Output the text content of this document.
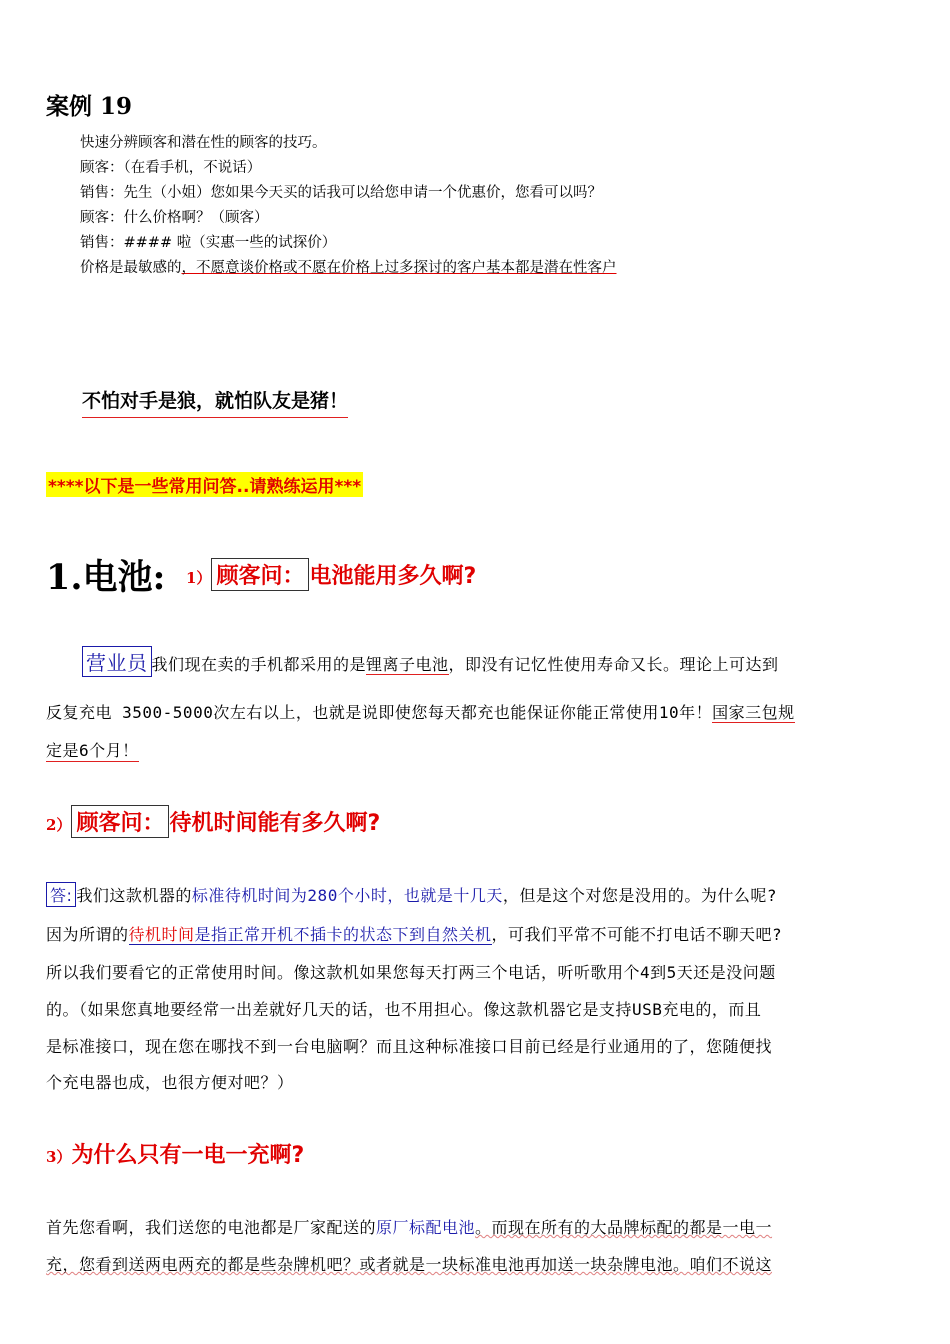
案例 19
快速分辨顾客和潜在性的顾客的技巧。
顾客：（在看手机，不说话）
销售：先生（小姐）您如果今天买的话我可以给您申请一个优惠价，您看可以吗？
顾客：什么价格啊？（顾客）
销售：#### 啦（实惠一些的试探价）
价格是最敏感的，不愿意谈价格或不愿在价格上过多探讨的客户基本都是潜在性客户
不怕对手是狼，就怕队友是猪！
****以下是一些常用问答..请熟练运用***
1.电池: 1） 顾客问： 电池能用多久啊?
营业员 我们现在卖的手机都采用的是锂离子电池，即没有记忆性使用寿命又长。理论上可达到
反复充电 3500-5000次左右以上，也就是说即使您每天都充也能保证你能正常使用10年！国家三包规
定是6个月！
2） 顾客问： 待机时间能有多久啊?
答: 我们这款机器的标准待机时间为280个小时，也就是十几天，但是这个对您是没用的。为什么呢?
因为所谓的待机时间是指正常开机不插卡的状态下到自然关机，可我们平常不可能不打电话不聊天吧?
所以我们要看它的正常使用时间。像这款机如果您每天打两三个电话，听听歌用个4到5天还是没问题
的。（如果您真地要经常一出差就好几天的话，也不用担心。像这款机器它是支持USB充电的，而且
是标准接口，现在您在哪找不到一台电脑啊？而且这种标准接口目前已经是行业通用的了，您随便找
个充电器也成，也很方便对吧？）
3）为什么只有一电一充啊?
首先您看啊，我们送您的电池都是厂家配送的原厂标配电池。而现在所有的大品牌标配的都是一电一
充，您看到送两电两充的都是些杂牌机吧？或者就是一块标准电池再加送一块杂牌电池。咱们不说这
